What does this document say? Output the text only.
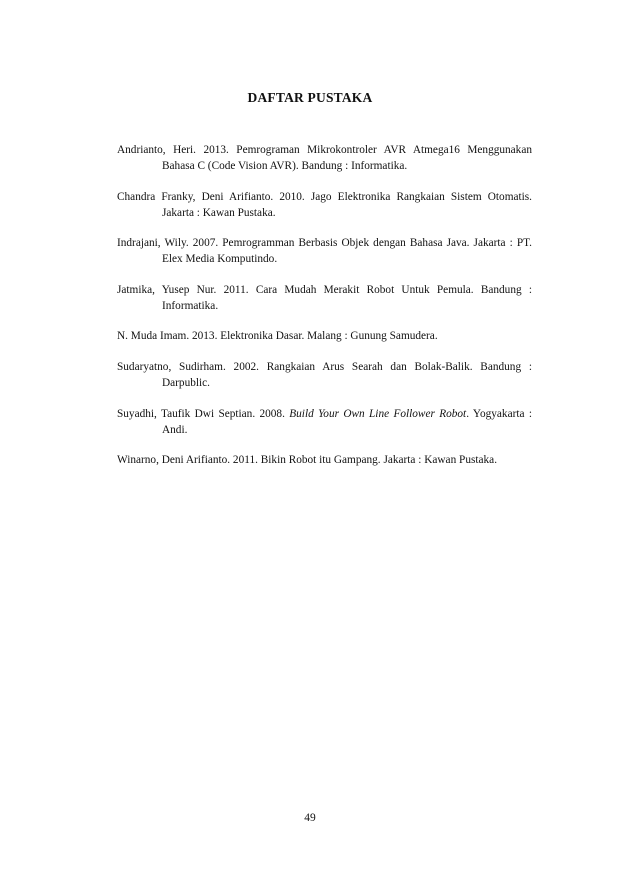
DAFTAR PUSTAKA

Andrianto, Heri. 2013. Pemrograman Mikrokontroler AVR Atmega16 Menggunakan Bahasa C (Code Vision AVR). Bandung : Informatika.

Chandra Franky, Deni Arifianto. 2010. Jago Elektronika Rangkaian Sistem Otomatis. Jakarta : Kawan Pustaka.

Indrajani, Wily. 2007. Pemrogramman Berbasis Objek dengan Bahasa Java. Jakarta : PT. Elex Media Komputindo.

Jatmika, Yusep Nur. 2011. Cara Mudah Merakit Robot Untuk Pemula. Bandung : Informatika.

N. Muda Imam. 2013. Elektronika Dasar. Malang : Gunung Samudera.

Sudaryatno, Sudirham. 2002. Rangkaian Arus Searah dan Bolak-Balik. Bandung : Darpublic.

Suyadhi, Taufik Dwi Septian. 2008. Build Your Own Line Follower Robot. Yogyakarta : Andi.

Winarno, Deni Arifianto. 2011. Bikin Robot itu Gampang. Jakarta : Kawan Pustaka.

49
